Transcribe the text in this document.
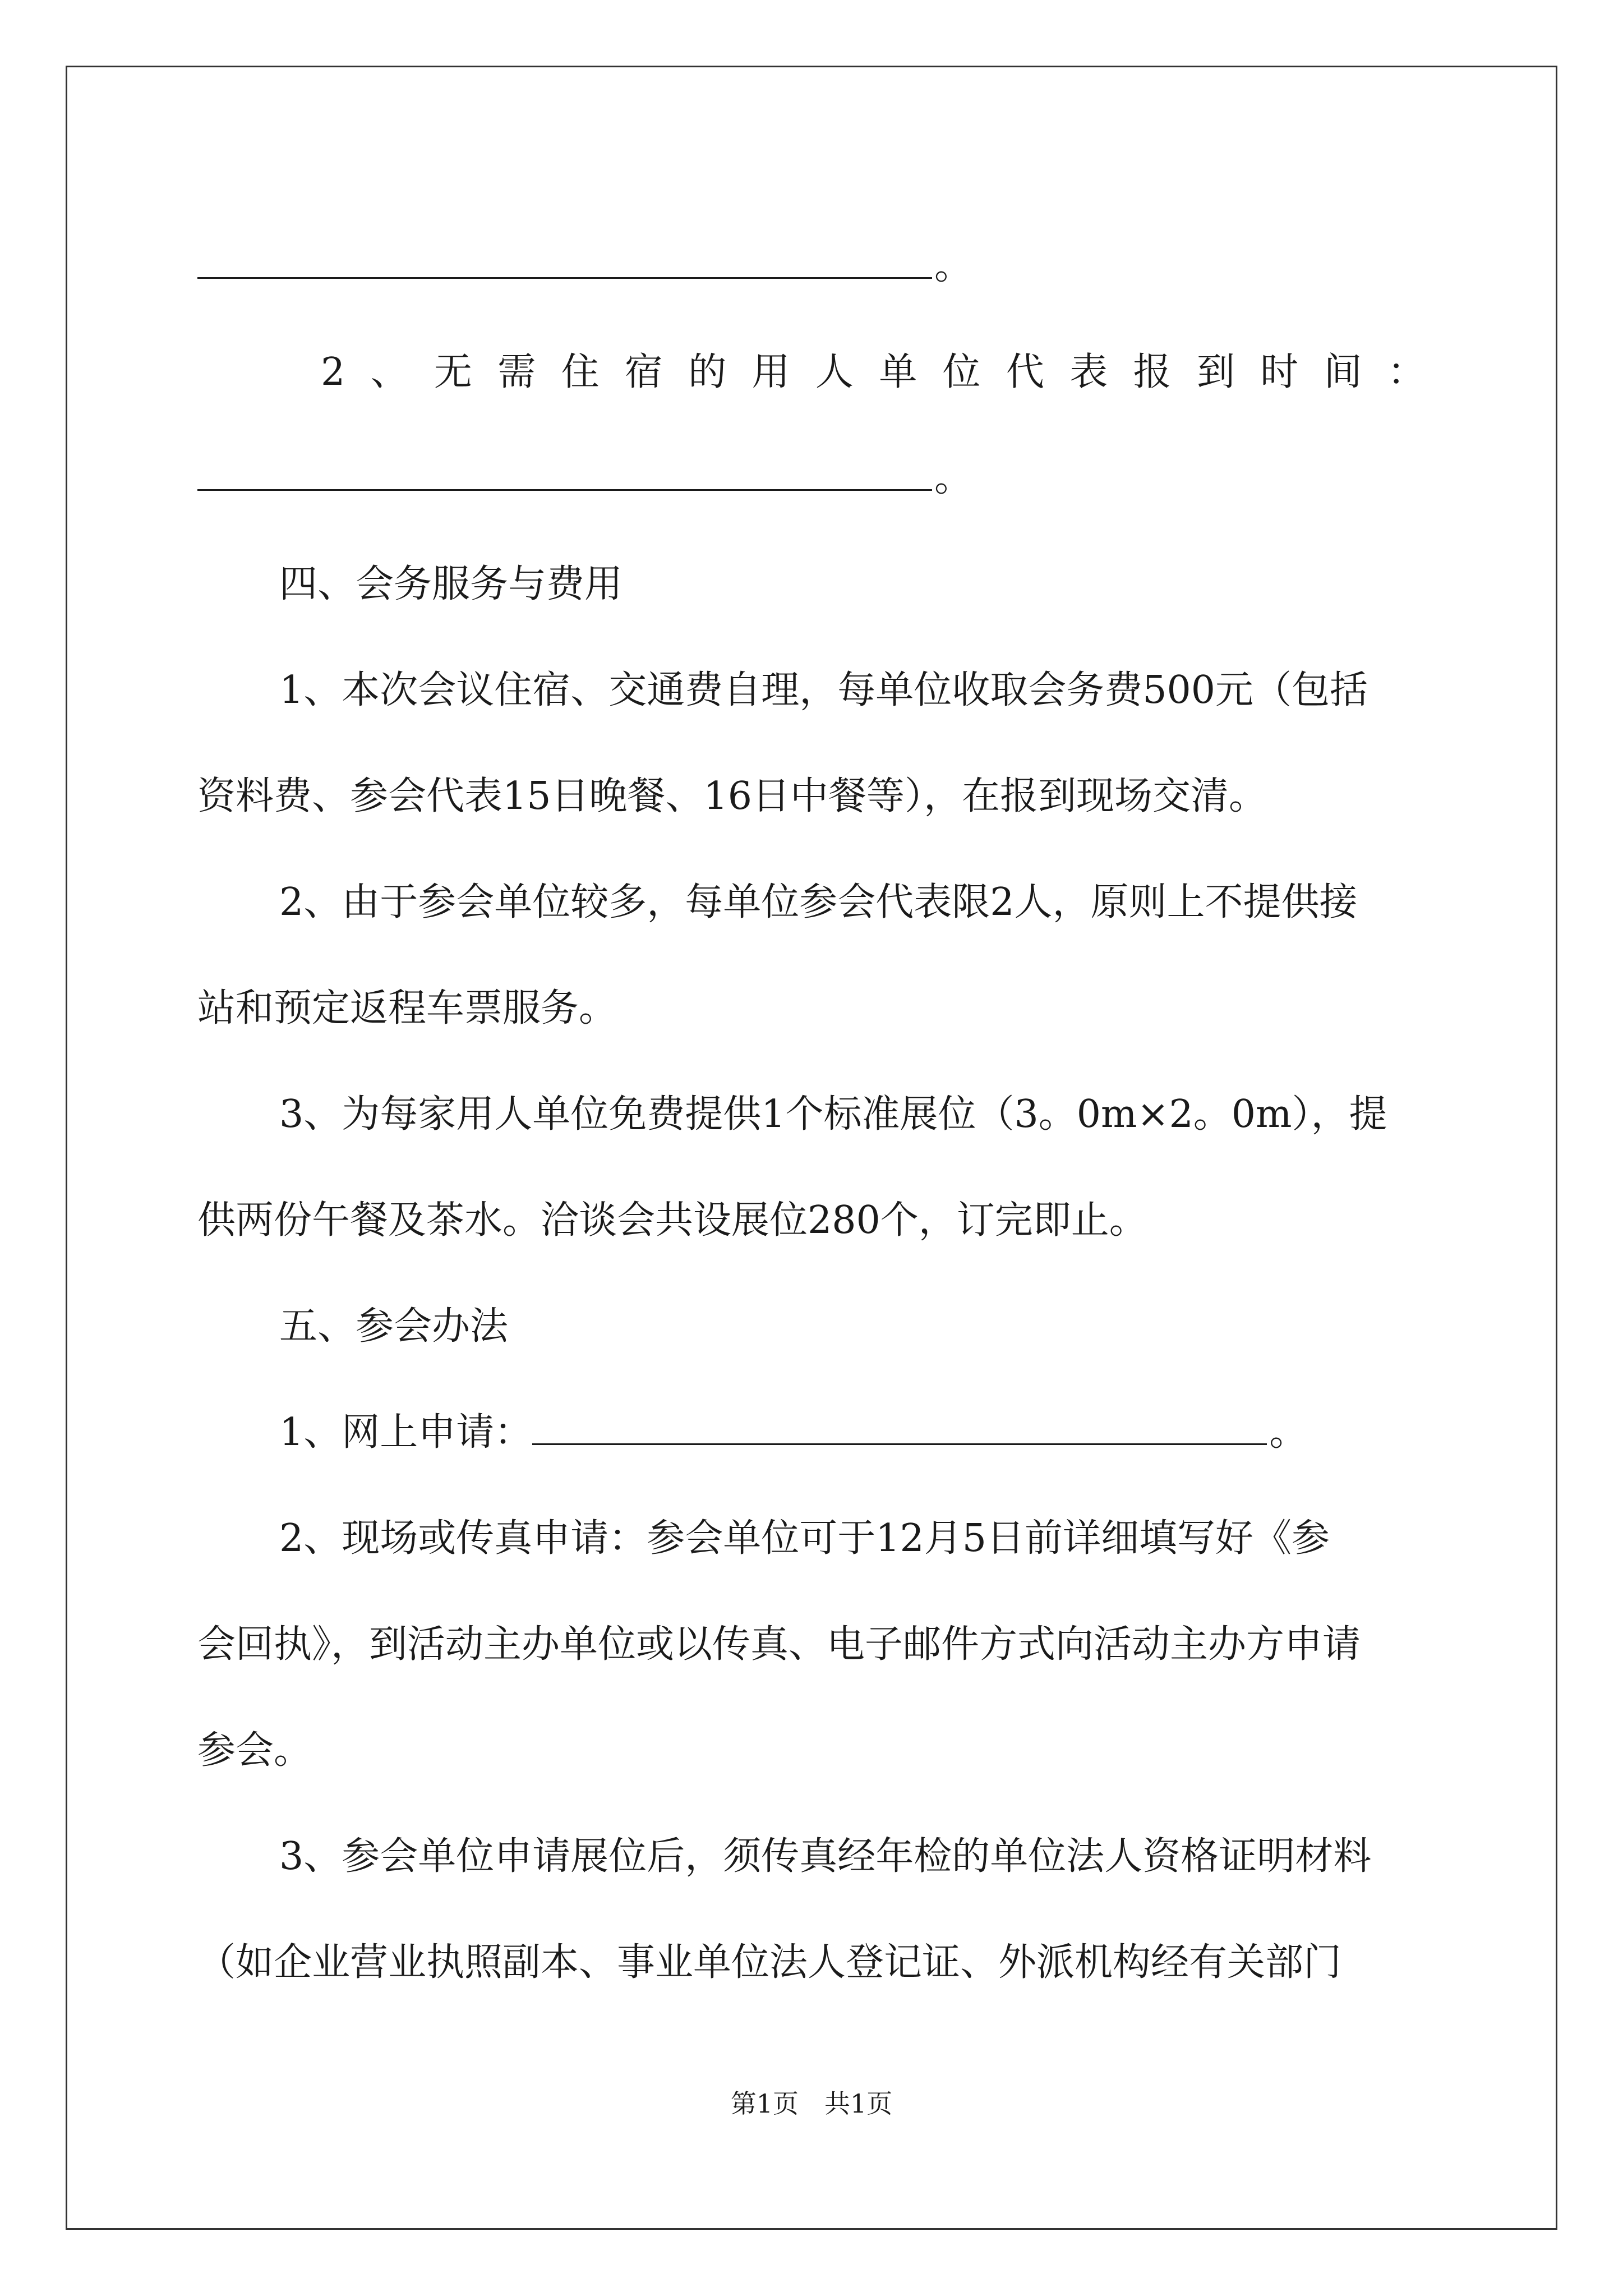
。
2 、 无 需 住 宿 的 用 人 单 位 代 表 报 到 时 间 ：
。
四、会务服务与费用
1、本次会议住宿、交通费自理，每单位收取会务费500元（包括
资料费、参会代表15日晚餐、16日中餐等），在报到现场交清。
2、由于参会单位较多，每单位参会代表限2人，原则上不提供接
站和预定返程车票服务。
3、为每家用人单位免费提供1个标准展位（3。0m×2。0m），提
供两份午餐及茶水。洽谈会共设展位280个，订完即止。
五、参会办法
1、网上申请：	。
2、现场或传真申请：参会单位可于12月5日前详细填写好《参
会回执》，到活动主办单位或以传真、电子邮件方式向活动主办方申请
参会。
3、参会单位申请展位后，须传真经年检的单位法人资格证明材料
（如企业营业执照副本、事业单位法人登记证、外派机构经有关部门
第1页　共1页
